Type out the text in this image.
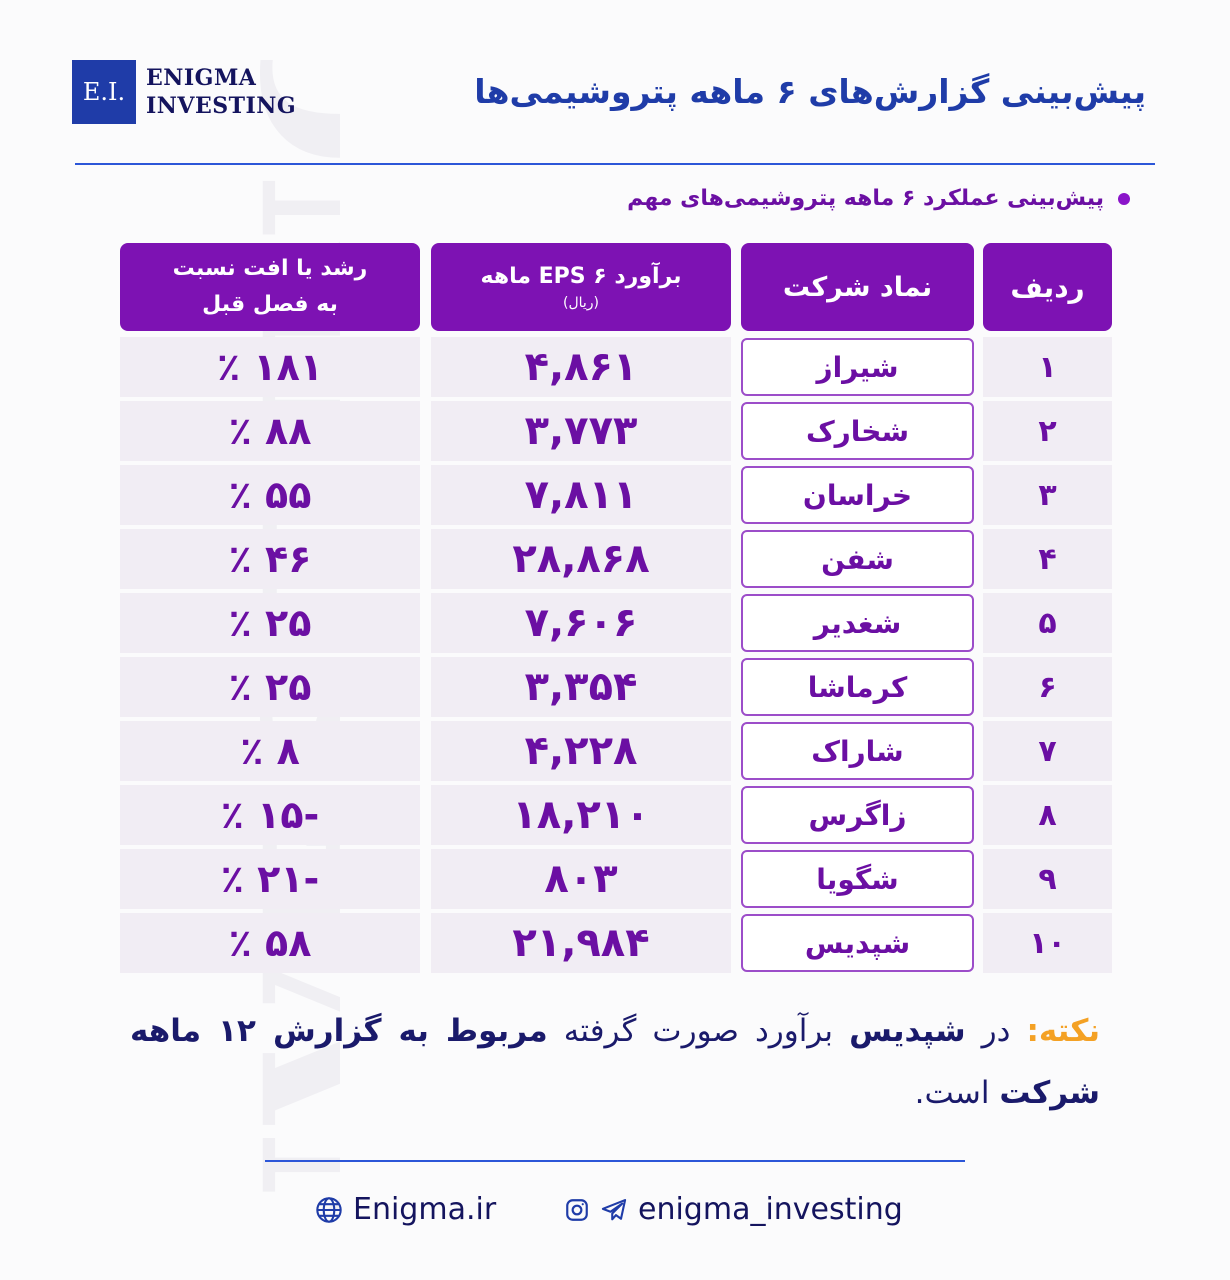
E.I. ENIGMA
INVESTING	پیش‌بینی گزارش‌های ۶ ماهه پتروشیمی‌ها
پیش‌بینی عملکرد ۶ ماهه پتروشیمی‌های مهم
ردیف
نماد شرکت
برآورد EPS ۶ ماهه
(ریال)
رشد یا افت نسبت
به فصل قبل
۱
شیراز
۴,۸۶۱
۱۸۱ ٪
۲
شخارک
۳,۷۷۳
۸۸ ٪
۳
خراسان
۷,۸۱۱
۵۵ ٪
۴
شفن
۲۸,۸۶۸
۴۶ ٪
۵
شغدیر
۷,۶۰۶
۲۵ ٪
۶
کرماشا
۳,۳۵۴
۲۵ ٪
۷
شاراک
۴,۲۲۸
۸ ٪
۸
زاگرس
۱۸,۲۱۰
-۱۵ ٪
۹
شگویا
۸۰۳
-۲۱ ٪
۱۰
شپدیس
۲۱,۹۸۴
۵۸ ٪
نکته: در شپدیس برآورد صورت گرفته مربوط به گزارش ۱۲ ماهه شرکت است.
Enigma.ir	enigma_investing
